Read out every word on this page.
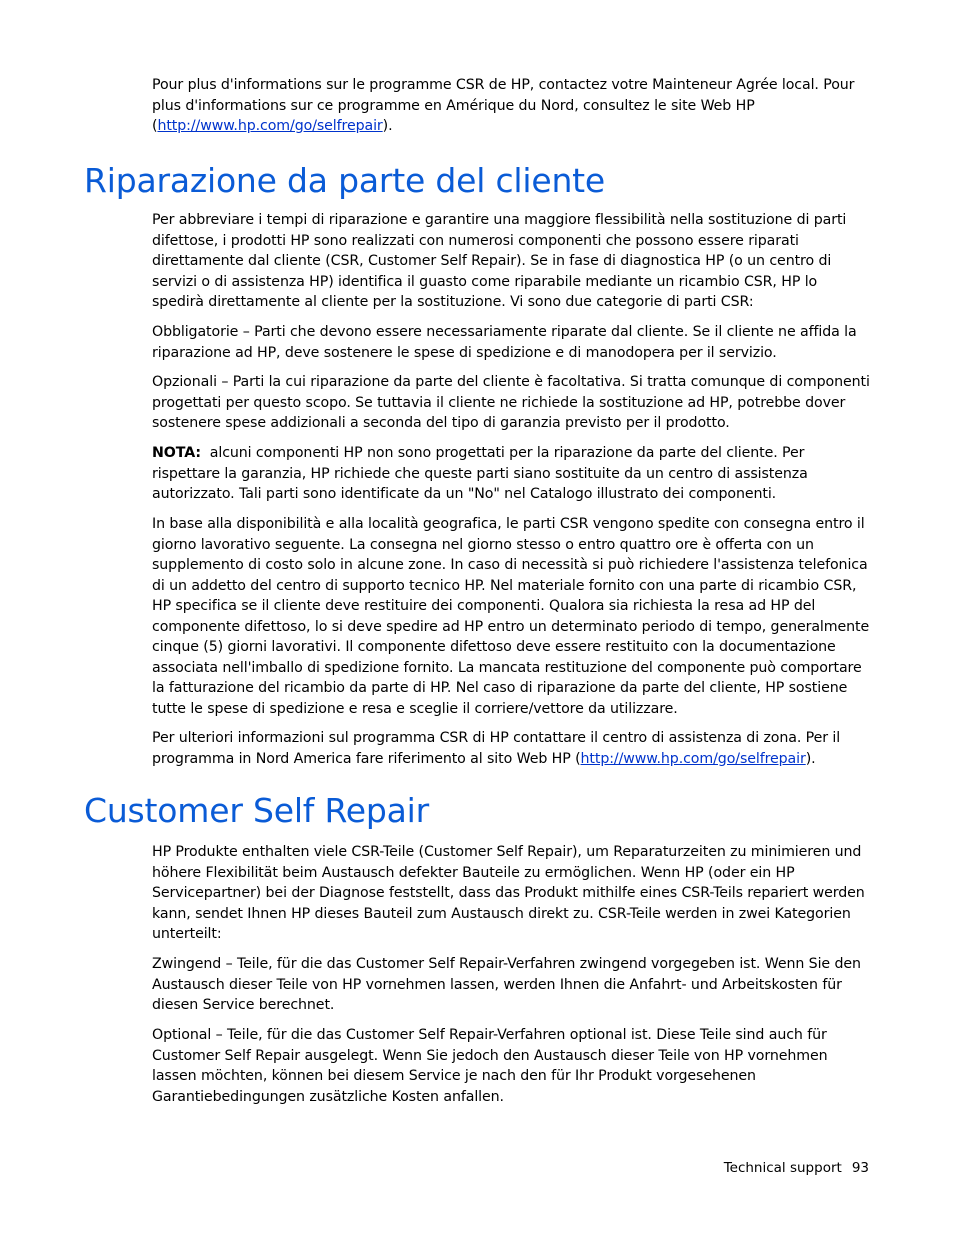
Pour plus d'informations sur le programme CSR de HP, contactez votre Mainteneur Agrée local. Pour plus d'informations sur ce programme en Amérique du Nord, consultez le site Web HP (http://www.hp.com/go/selfrepair).

Riparazione da parte del cliente

Per abbreviare i tempi di riparazione e garantire una maggiore flessibilità nella sostituzione di parti difettose, i prodotti HP sono realizzati con numerosi componenti che possono essere riparati direttamente dal cliente (CSR, Customer Self Repair). Se in fase di diagnostica HP (o un centro di servizi o di assistenza HP) identifica il guasto come riparabile mediante un ricambio CSR, HP lo spedirà direttamente al cliente per la sostituzione. Vi sono due categorie di parti CSR:

Obbligatorie – Parti che devono essere necessariamente riparate dal cliente. Se il cliente ne affida la riparazione ad HP, deve sostenere le spese di spedizione e di manodopera per il servizio.

Opzionali – Parti la cui riparazione da parte del cliente è facoltativa. Si tratta comunque di componenti progettati per questo scopo. Se tuttavia il cliente ne richiede la sostituzione ad HP, potrebbe dover sostenere spese addizionali a seconda del tipo di garanzia previsto per il prodotto.

NOTA: alcuni componenti HP non sono progettati per la riparazione da parte del cliente. Per rispettare la garanzia, HP richiede che queste parti siano sostituite da un centro di assistenza autorizzato. Tali parti sono identificate da un "No" nel Catalogo illustrato dei componenti.

In base alla disponibilità e alla località geografica, le parti CSR vengono spedite con consegna entro il giorno lavorativo seguente. La consegna nel giorno stesso o entro quattro ore è offerta con un supplemento di costo solo in alcune zone. In caso di necessità si può richiedere l'assistenza telefonica di un addetto del centro di supporto tecnico HP. Nel materiale fornito con una parte di ricambio CSR, HP specifica se il cliente deve restituire dei componenti. Qualora sia richiesta la resa ad HP del componente difettoso, lo si deve spedire ad HP entro un determinato periodo di tempo, generalmente cinque (5) giorni lavorativi. Il componente difettoso deve essere restituito con la documentazione associata nell'imballo di spedizione fornito. La mancata restituzione del componente può comportare la fatturazione del ricambio da parte di HP. Nel caso di riparazione da parte del cliente, HP sostiene tutte le spese di spedizione e resa e sceglie il corriere/vettore da utilizzare.

Per ulteriori informazioni sul programma CSR di HP contattare il centro di assistenza di zona. Per il programma in Nord America fare riferimento al sito Web HP (http://www.hp.com/go/selfrepair).

Customer Self Repair

HP Produkte enthalten viele CSR-Teile (Customer Self Repair), um Reparaturzeiten zu minimieren und höhere Flexibilität beim Austausch defekter Bauteile zu ermöglichen. Wenn HP (oder ein HP Servicepartner) bei der Diagnose feststellt, dass das Produkt mithilfe eines CSR-Teils repariert werden kann, sendet Ihnen HP dieses Bauteil zum Austausch direkt zu. CSR-Teile werden in zwei Kategorien unterteilt:

Zwingend – Teile, für die das Customer Self Repair-Verfahren zwingend vorgegeben ist. Wenn Sie den Austausch dieser Teile von HP vornehmen lassen, werden Ihnen die Anfahrt- und Arbeitskosten für diesen Service berechnet.

Optional – Teile, für die das Customer Self Repair-Verfahren optional ist. Diese Teile sind auch für Customer Self Repair ausgelegt. Wenn Sie jedoch den Austausch dieser Teile von HP vornehmen lassen möchten, können bei diesem Service je nach den für Ihr Produkt vorgesehenen Garantiebedingungen zusätzliche Kosten anfallen.

Technical support 93
